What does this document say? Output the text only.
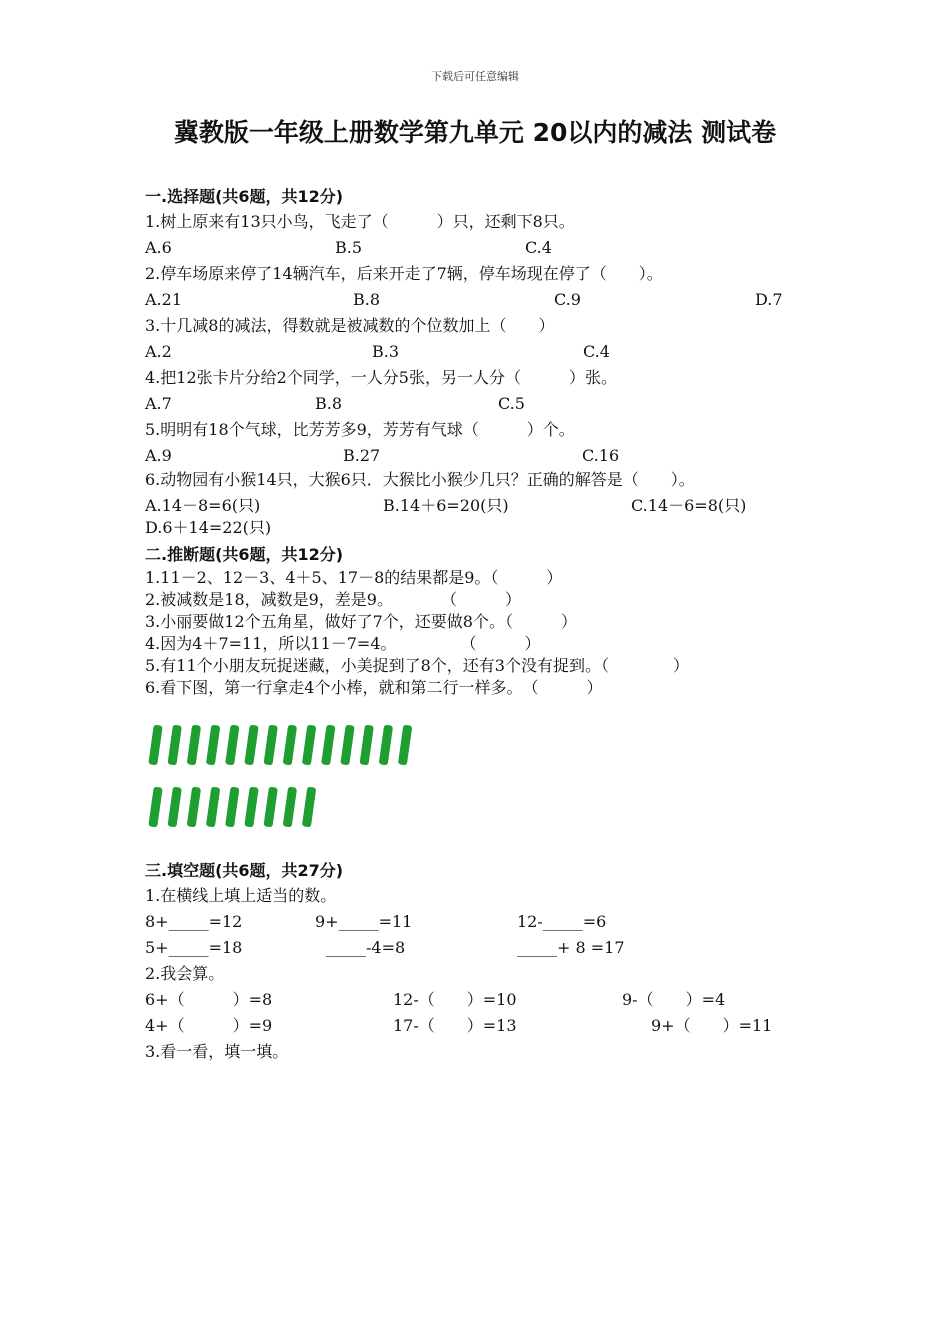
下载后可任意编辑
冀教版一年级上册数学第九单元 20以内的减法 测试卷
一.选择题(共6题，共12分)
1.树上原来有13只小鸟，飞走了（　　　）只，还剩下8只。
A.6	B.5	C.4
2.停车场原来停了14辆汽车，后来开走了7辆，停车场现在停了（　　）。
A.21	B.8	C.9	D.7
3.十几减8的减法，得数就是被减数的个位数加上（　　）
A.2	B.3	C.4
4.把12张卡片分给2个同学，一人分5张，另一人分（　　　）张。
A.7	B.8	C.5
5.明明有18个气球，比芳芳多9，芳芳有气球（　　　）个。
A.9	B.27	C.16
6.动物园有小猴14只，大猴6只．大猴比小猴少几只？正确的解答是（　　）。
A.14－8=6(只)	B.14＋6=20(只)	C.14－6=8(只)
D.6＋14=22(只)
二.推断题(共6题，共12分)
1.11－2、12－3、4＋5、17－8的结果都是9。（　　　）
2.被减数是18，减数是9，差是9。　　　　（　　　）
3.小丽要做12个五角星，做好了7个，还要做8个。（　　　）
4.因为4＋7=11，所以11－7=4。　　　　　（　　　）
5.有11个小朋友玩捉迷藏，小美捉到了8个，还有3个没有捉到。（　　　　）
6.看下图，第一行拿走4个小棒，就和第二行一样多。　（　　　）
三.填空题(共6题，共27分)
1.在横线上填上适当的数。
8+_____=12	9+_____=11	12-_____=6
5+_____=18	_____-4=8	_____+ 8 =17
2.我会算。
6+（　　　）=8	12-（　　）=10	9-（　　）=4
4+（　　　）=9	17-（　　）=13	9+（　　）=11
3.看一看，填一填。
